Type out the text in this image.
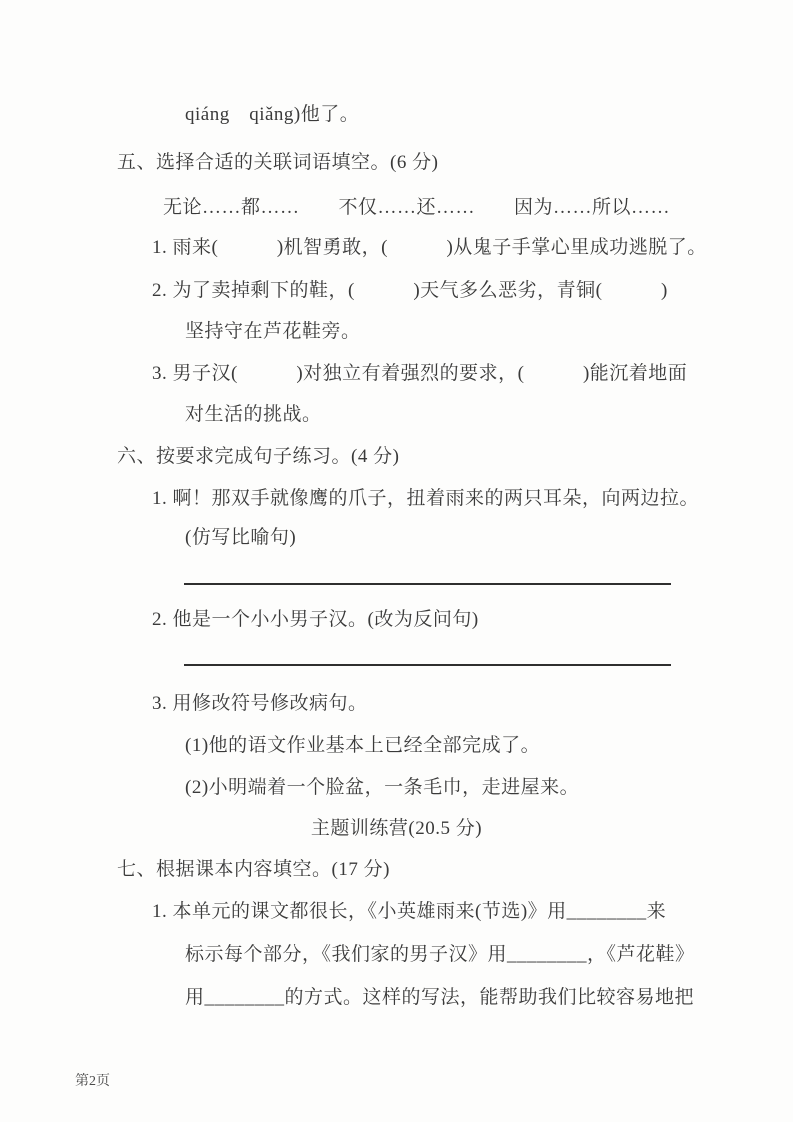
qiáng　qiǎng)他了。
五、选择合适的关联词语填空。(6 分)
无论……都……　　不仅……还……　　因为……所以……
1. 雨来(　　　)机智勇敢，(　　　)从鬼子手掌心里成功逃脱了。
2. 为了卖掉剩下的鞋，(　　　)天气多么恶劣，青铜(　　　)
坚持守在芦花鞋旁。
3. 男子汉(　　　)对独立有着强烈的要求，(　　　)能沉着地面
对生活的挑战。
六、按要求完成句子练习。(4 分)
1. 啊！那双手就像鹰的爪子，扭着雨来的两只耳朵，向两边拉。
(仿写比喻句)
2. 他是一个小小男子汉。(改为反问句)
3. 用修改符号修改病句。
(1)他的语文作业基本上已经全部完成了。
(2)小明端着一个脸盆，一条毛巾，走进屋来。
主题训练营(20.5 分)
七、根据课本内容填空。(17 分)
1. 本单元的课文都很长，《小英雄雨来(节选)》用________来
标示每个部分，《我们家的男子汉》用________，《芦花鞋》
用________的方式。这样的写法，能帮助我们比较容易地把
第2页
